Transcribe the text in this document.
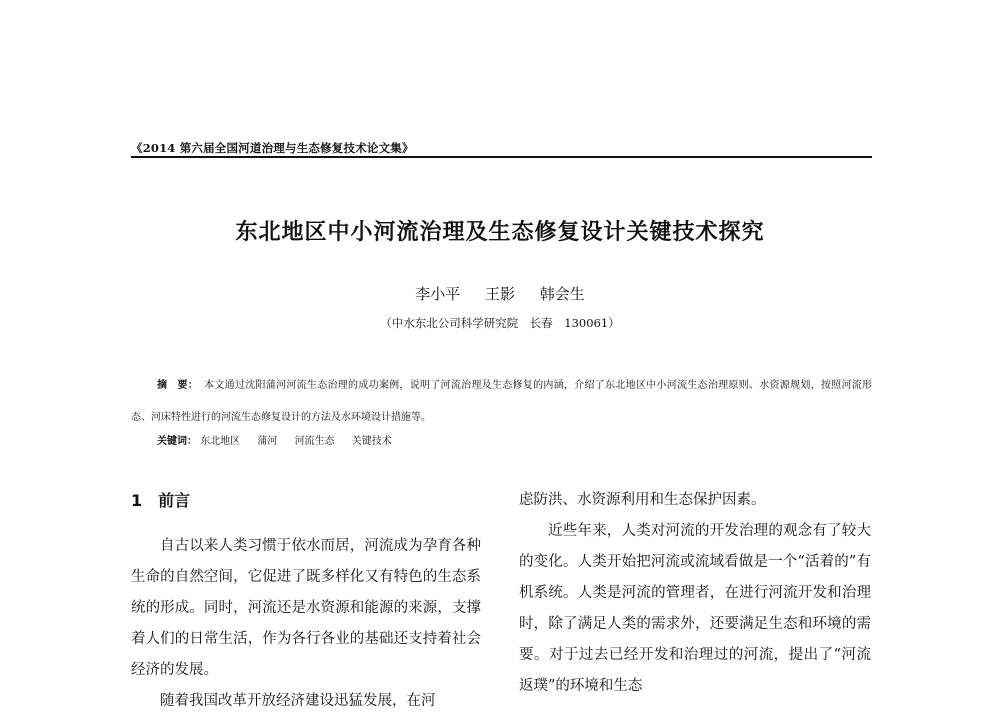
《2014 第六届全国河道治理与生态修复技术论文集》
东北地区中小河流治理及生态修复设计关键技术探究
李小平 王影 韩会生
（中水东北公司科学研究院　长春　130061）
摘　要： 本文通过沈阳蒲河河流生态治理的成功案例，说明了河流治理及生态修复的内涵，介绍了东北地区中小河流生态治理原则、水资源规划，按照河流形态、河床特性进行的河流生态修复设计的方法及水环境设计措施等。
关键词： 东北地区 蒲河 河流生态 关键技术
1 前言

自古以来人类习惯于依水而居，河流成为孕育各种生命的自然空间，它促进了既多样化又有特色的生态系统的形成。同时，河流还是水资源和能源的来源，支撑着人们的日常生活，作为各行各业的基础还支持着社会经济的发展。

随着我国改革开放经济建设迅猛发展，在河

虑防洪、水资源利用和生态保护因素。

近些年来，人类对河流的开发治理的观念有了较大的变化。人类开始把河流或流域看做是一个“活着的”有机系统。人类是河流的管理者，在进行河流开发和治理时，除了满足人类的需求外，还要满足生态和环境的需要。对于过去已经开发和治理过的河流，提出了“河流返璞”的环境和生态
